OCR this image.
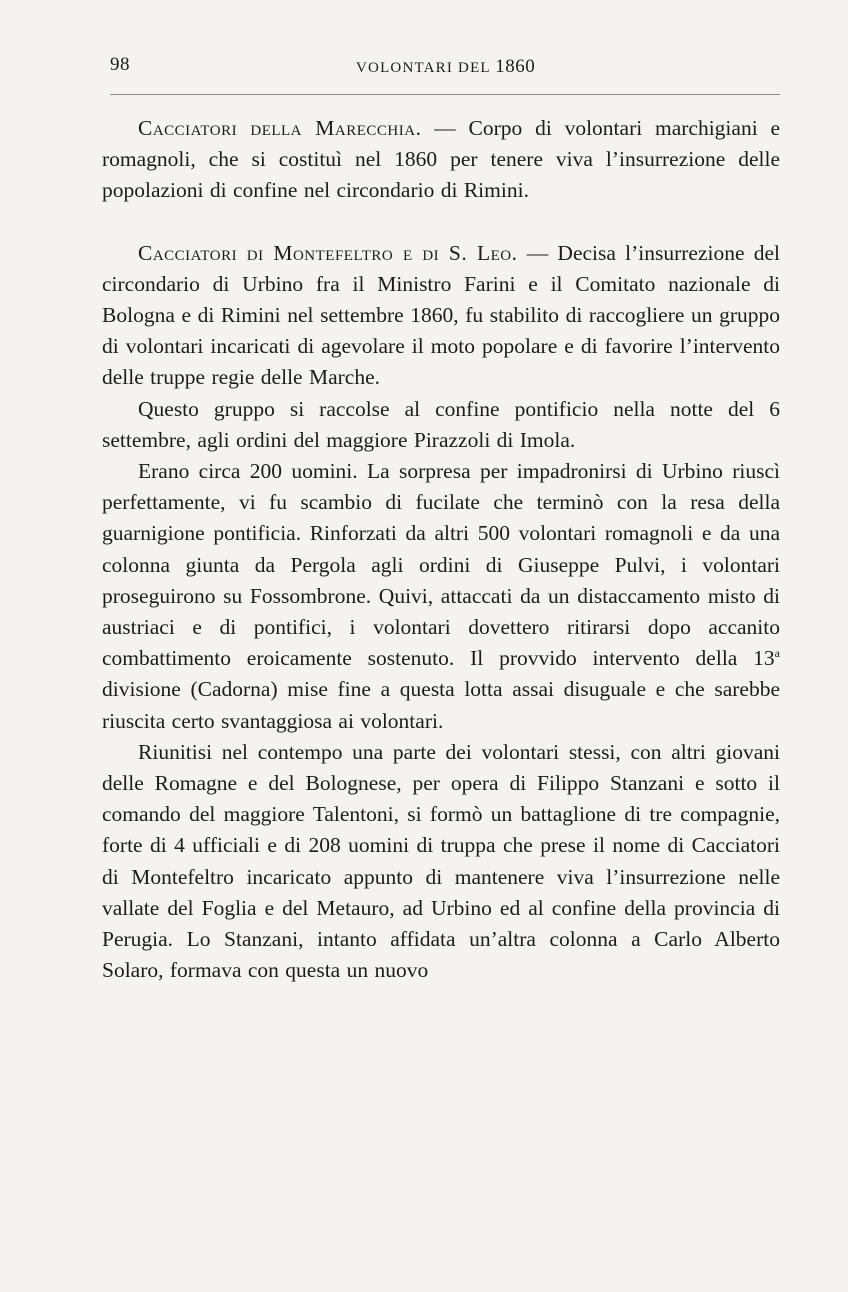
98	VOLONTARI DEL 1860

Cacciatori della Marecchia. — Corpo di volontari marchigiani e romagnoli, che si costituì nel 1860 per tenere viva l’insurrezione delle popolazioni di confine nel circondario di Rimini.

Cacciatori di Montefeltro e di S. Leo. — Decisa l’insurrezione del circondario di Urbino fra il Ministro Farini e il Comitato nazionale di Bologna e di Rimini nel settembre 1860, fu stabilito di raccogliere un gruppo di volontari incaricati di agevolare il moto popolare e di favorire l’intervento delle truppe regie delle Marche.

Questo gruppo si raccolse al confine pontificio nella notte del 6 settembre, agli ordini del maggiore Pirazzoli di Imola.

Erano circa 200 uomini. La sorpresa per impadronirsi di Urbino riuscì perfettamente, vi fu scambio di fucilate che terminò con la resa della guarnigione pontificia. Rinforzati da altri 500 volontari romagnoli e da una colonna giunta da Pergola agli ordini di Giuseppe Pulvi, i volontari proseguirono su Fossombrone. Quivi, attaccati da un distaccamento misto di austriaci e di pontifici, i volontari dovettero ritirarsi dopo accanito combattimento eroicamente sostenuto. Il provvido intervento della 13$^a$ divisione (Cadorna) mise fine a questa lotta assai disuguale e che sarebbe riuscita certo svantaggiosa ai volontari.

Riunitisi nel contempo una parte dei volontari stessi, con altri giovani delle Romagne e del Bolognese, per opera di Filippo Stanzani e sotto il comando del maggiore Talentoni, si formò un battaglione di tre compagnie, forte di 4 ufficiali e di 208 uomini di truppa che prese il nome di Cacciatori di Montefeltro incaricato appunto di mantenere viva l’insurrezione nelle vallate del Foglia e del Metauro, ad Urbino ed al confine della provincia di Perugia. Lo Stanzani, intanto affidata un’altra colonna a Carlo Alberto Solaro, formava con questa un nuovo
